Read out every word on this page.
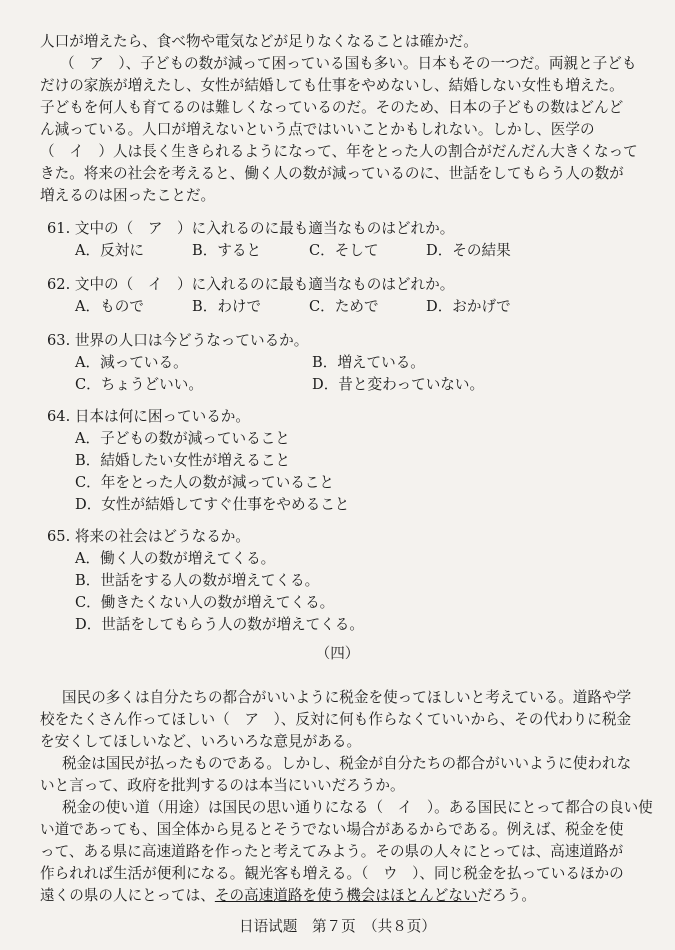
人口が増えたら、食べ物や電気などが足りなくなることは確かだ。
（　ア　）、子どもの数が減って困っている国も多い。日本もその一つだ。両親と子ども
だけの家族が増えたし、女性が結婚しても仕事をやめないし、結婚しない女性も増えた。
子どもを何人も育てるのは難しくなっているのだ。そのため、日本の子どもの数はどんど
ん減っている。人口が増えないという点ではいいことかもしれない。しかし、医学の
（　イ　）人は長く生きられるようになって、年をとった人の割合がだんだん大きくなって
きた。将来の社会を考えると、働く人の数が減っているのに、世話をしてもらう人の数が
増えるのは困ったことだ。
61. 文中の（　ア　）に入れるのに最も適当なものはどれか。
A．反対に	B．すると	C．そして	D．その結果
62. 文中の（　イ　）に入れるのに最も適当なものはどれか。
A．もので	B．わけで	C．ためで	D．おかげで
63. 世界の人口は今どうなっているか。
A．減っている。	B．増えている。
C．ちょうどいい。	D．昔と変わっていない。
64. 日本は何に困っているか。
A．子どもの数が減っていること
B．結婚したい女性が増えること
C．年をとった人の数が減っていること
D．女性が結婚してすぐ仕事をやめること
65. 将来の社会はどうなるか。
A．働く人の数が増えてくる。
B．世話をする人の数が増えてくる。
C．働きたくない人の数が増えてくる。
D．世話をしてもらう人の数が増えてくる。
（四）
国民の多くは自分たちの都合がいいように税金を使ってほしいと考えている。道路や学
校をたくさん作ってほしい（　ア　）、反対に何も作らなくていいから、その代わりに税金
を安くしてほしいなど、いろいろな意見がある。
税金は国民が払ったものである。しかし、税金が自分たちの都合がいいように使われな
いと言って、政府を批判するのは本当にいいだろうか。
税金の使い道（用途）は国民の思い通りになる（　イ　）。ある国民にとって都合の良い使
い道であっても、国全体から見るとそうでない場合があるからである。例えば、税金を使
って、ある県に高速道路を作ったと考えてみよう。その県の人々にとっては、高速道路が
作られれば生活が便利になる。観光客も増える。（　ウ　）、同じ税金を払っているほかの
遠くの県の人にとっては、その高速道路を使う機会はほとんどないだろう。
日语试题　第７页　（共８页）
